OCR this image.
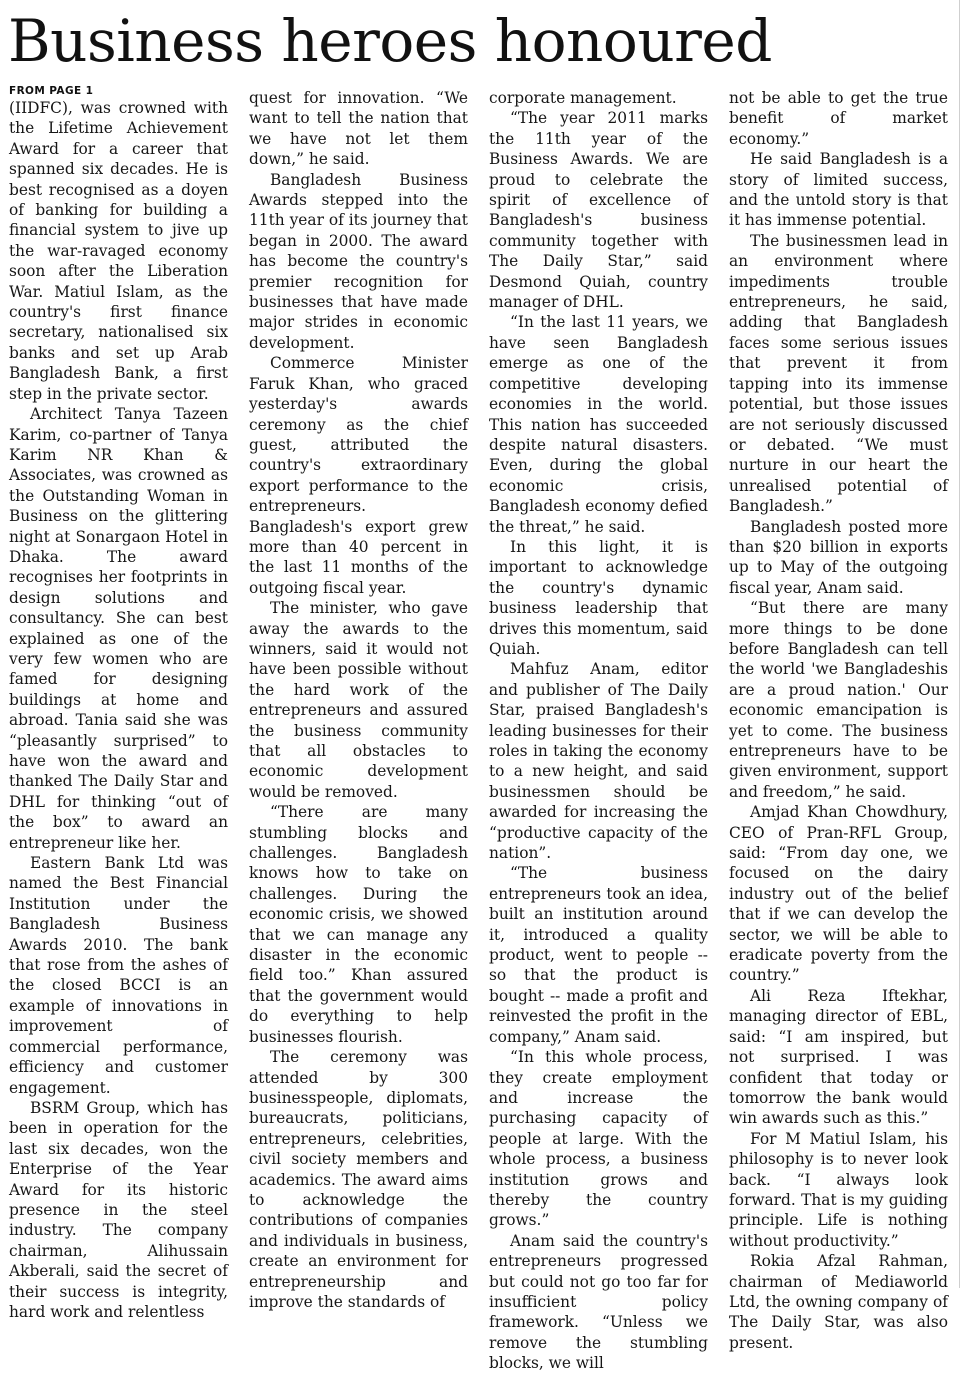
Business heroes honoured
FROM PAGE 1

(IIDFC), was crowned with the Lifetime Achievement Award for a career that spanned six decades. He is best recognised as a doyen of banking for building a financial system to jive up the war-ravaged economy soon after the Liberation War. Matiul Islam, as the country's first finance secretary, nationalised six banks and set up Arab Bangladesh Bank, a first step in the private sector.

Architect Tanya Tazeen Karim, co-partner of Tanya Karim NR Khan & Associates, was crowned as the Outstanding Woman in Business on the glittering night at Sonargaon Hotel in Dhaka. The award recognises her footprints in design solutions and consultancy. She can best explained as one of the very few women who are famed for designing buildings at home and abroad. Tania said she was “pleasantly surprised” to have won the award and thanked The Daily Star and DHL for thinking “out of the box” to award an entrepreneur like her.

Eastern Bank Ltd was named the Best Financial Institution under the Bangladesh Business Awards 2010. The bank that rose from the ashes of the closed BCCI is an example of innovations in improvement of commercial performance, efficiency and customer engagement.

BSRM Group, which has been in operation for the last six decades, won the Enterprise of the Year Award for its historic presence in the steel industry. The company chairman, Alihussain Akberali, said the secret of their success is integrity, hard work and relentless

quest for innovation. “We want to tell the nation that we have not let them down,” he said.

Bangladesh Business Awards stepped into the 11th year of its journey that began in 2000. The award has become the country's premier recognition for businesses that have made major strides in economic development.

Commerce Minister Faruk Khan, who graced yesterday's awards ceremony as the chief guest, attributed the country's extraordinary export performance to the entrepreneurs. Bangladesh's export grew more than 40 percent in the last 11 months of the outgoing fiscal year.

The minister, who gave away the awards to the winners, said it would not have been possible without the hard work of the entrepreneurs and assured the business community that all obstacles to economic development would be removed.

“There are many stumbling blocks and challenges. Bangladesh knows how to take on challenges. During the economic crisis, we showed that we can manage any disaster in the economic field too.” Khan assured that the government would do everything to help businesses flourish.

The ceremony was attended by 300 businesspeople, diplomats, bureaucrats, politicians, entrepreneurs, celebrities, civil society members and academics. The award aims to acknowledge the contributions of companies and individuals in business, create an environment for entrepreneurship and improve the standards of

corporate management.

“The year 2011 marks the 11th year of the Business Awards. We are proud to celebrate the spirit of excellence of Bangladesh's business community together with The Daily Star,” said Desmond Quiah, country manager of DHL.

“In the last 11 years, we have seen Bangladesh emerge as one of the competitive developing economies in the world. This nation has succeeded despite natural disasters. Even, during the global economic crisis, Bangladesh economy defied the threat,” he said.

In this light, it is important to acknowledge the country's dynamic business leadership that drives this momentum, said Quiah.

Mahfuz Anam, editor and publisher of The Daily Star, praised Bangladesh's leading businesses for their roles in taking the economy to a new height, and said businessmen should be awarded for increasing the “productive capacity of the nation”.

“The business entrepreneurs took an idea, built an institution around it, introduced a quality product, went to people -- so that the product is bought -- made a profit and reinvested the profit in the company,” Anam said.

“In this whole process, they create employment and increase the purchasing capacity of people at large. With the whole process, a business institution grows and thereby the country grows.”

Anam said the country's entrepreneurs progressed but could not go too far for insufficient policy framework. “Unless we remove the stumbling blocks, we will

not be able to get the true benefit of market economy.”

He said Bangladesh is a story of limited success, and the untold story is that it has immense potential.

The businessmen lead in an environment where impediments trouble entrepreneurs, he said, adding that Bangladesh faces some serious issues that prevent it from tapping into its immense potential, but those issues are not seriously discussed or debated. “We must nurture in our heart the unrealised potential of Bangladesh.”

Bangladesh posted more than $20 billion in exports up to May of the outgoing fiscal year, Anam said.

“But there are many more things to be done before Bangladesh can tell the world 'we Bangladeshis are a proud nation.' Our economic emancipation is yet to come. The business entrepreneurs have to be given environment, support and freedom,” he said.

Amjad Khan Chowdhury, CEO of Pran-RFL Group, said: “From day one, we focused on the dairy industry out of the belief that if we can develop the sector, we will be able to eradicate poverty from the country.”

Ali Reza Iftekhar, managing director of EBL, said: “I am inspired, but not surprised. I was confident that today or tomorrow the bank would win awards such as this.”

For M Matiul Islam, his philosophy is to never look back. “I always look forward. That is my guiding principle. Life is nothing without productivity.”

Rokia Afzal Rahman, chairman of Mediaworld Ltd, the owning company of The Daily Star, was also present.
